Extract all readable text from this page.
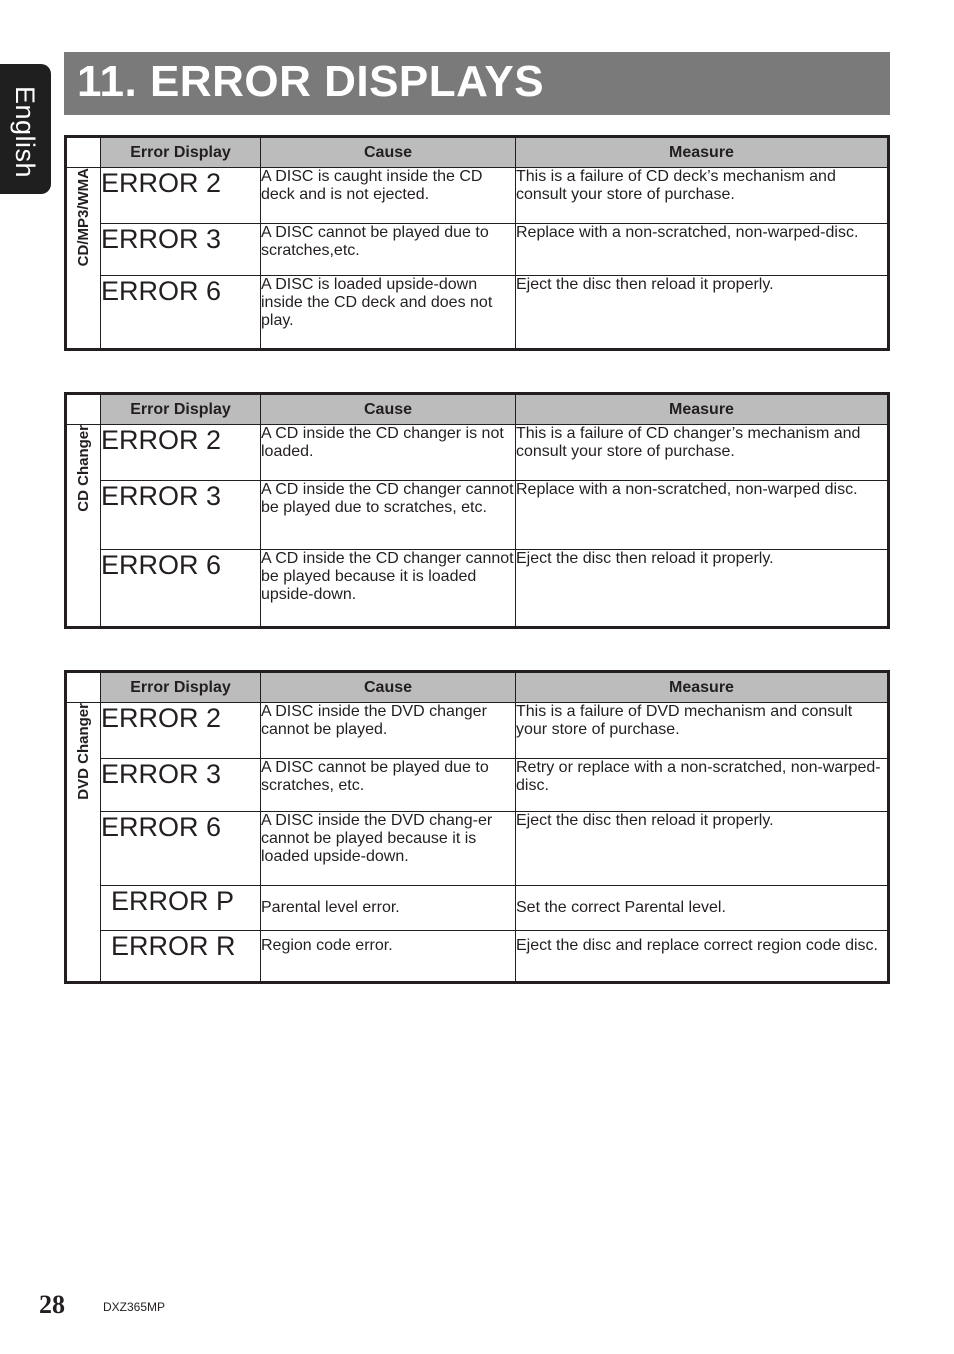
English
11. ERROR DISPLAYS
	Error Display	Cause	Measure
CD/MP3/WMA	ERROR 2	A DISC is caught inside the CD deck and is not ejected.	This is a failure of CD deck’s mechanism and consult your store of purchase.
	ERROR 3	A DISC cannot be played due to scratches,etc.	Replace with a non-scratched, non-warped-disc.
	ERROR 6	A DISC is loaded upside-down inside the CD deck and does not play.	Eject the disc then reload it properly.
	Error Display	Cause	Measure
CD Changer	ERROR 2	A CD inside the CD changer is not loaded.	This is a failure of CD changer’s mechanism and consult your store of purchase.
	ERROR 3	A CD inside the CD changer cannot be played due to scratches, etc.	Replace with a non-scratched, non-warped disc.
	ERROR 6	A CD inside the CD changer cannot be played because it is loaded upside-down.	Eject the disc then reload it properly.
	Error Display	Cause	Measure
DVD Changer	ERROR 2	A DISC inside the DVD changer cannot be played.	This is a failure of DVD mechanism and consult your store of purchase.
	ERROR 3	A DISC cannot be played due to scratches, etc.	Retry or replace with a non-scratched, non-warped-disc.
	ERROR 6	A DISC inside the DVD chang-er cannot be played because it is loaded upside-down.	Eject the disc then reload it properly.
	ERROR P	Parental level error.	Set the correct Parental level.
	ERROR R	Region code error.	Eject the disc and replace correct region code disc.
28	DXZ365MP
